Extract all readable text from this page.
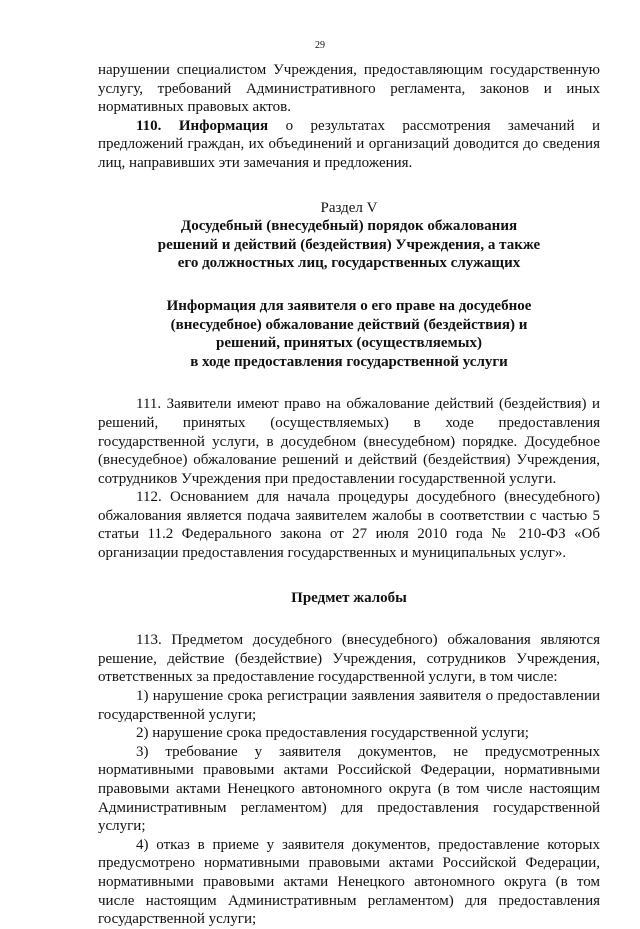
29

нарушении специалистом Учреждения, предоставляющим государственную услугу, требований Административного регламента, законов и иных нормативных правовых актов.

110. Информация о результатах рассмотрения замечаний и предложений граждан, их объединений и организаций доводится до сведения лиц, направивших эти замечания и предложения.

Раздел V

Досудебный (внесудебный) порядок обжалования

решений и действий (бездействия) Учреждения, а также

его должностных лиц, государственных служащих

Информация для заявителя о его праве на досудебное

(внесудебное) обжалование действий (бездействия) и

решений, принятых (осуществляемых)

в ходе предоставления государственной услуги

111. Заявители имеют право на обжалование действий (бездействия) и решений, принятых (осуществляемых) в ходе предоставления государственной услуги, в досудебном (внесудебном) порядке. Досудебное (внесудебное) обжалование решений и действий (бездействия) Учреждения, сотрудников Учреждения при предоставлении государственной услуги.

112. Основанием для начала процедуры досудебного (внесудебного) обжалования является подача заявителем жалобы в соответствии с частью 5 статьи 11.2 Федерального закона от 27 июля 2010 года № 210-ФЗ «Об организации предоставления государственных и муниципальных услуг».

Предмет жалобы

113. Предметом досудебного (внесудебного) обжалования являются решение, действие (бездействие) Учреждения, сотрудников Учреждения, ответственных за предоставление государственной услуги, в том числе:

1) нарушение срока регистрации заявления заявителя о предоставлении государственной услуги;

2) нарушение срока предоставления государственной услуги;

3) требование у заявителя документов, не предусмотренных нормативными правовыми актами Российской Федерации, нормативными правовыми актами Ненецкого автономного округа (в том числе настоящим Административным регламентом) для предоставления государственной услуги;

4) отказ в приеме у заявителя документов, предоставление которых предусмотрено нормативными правовыми актами Российской Федерации, нормативными правовыми актами Ненецкого автономного округа (в том числе настоящим Административным регламентом) для предоставления государственной услуги;
